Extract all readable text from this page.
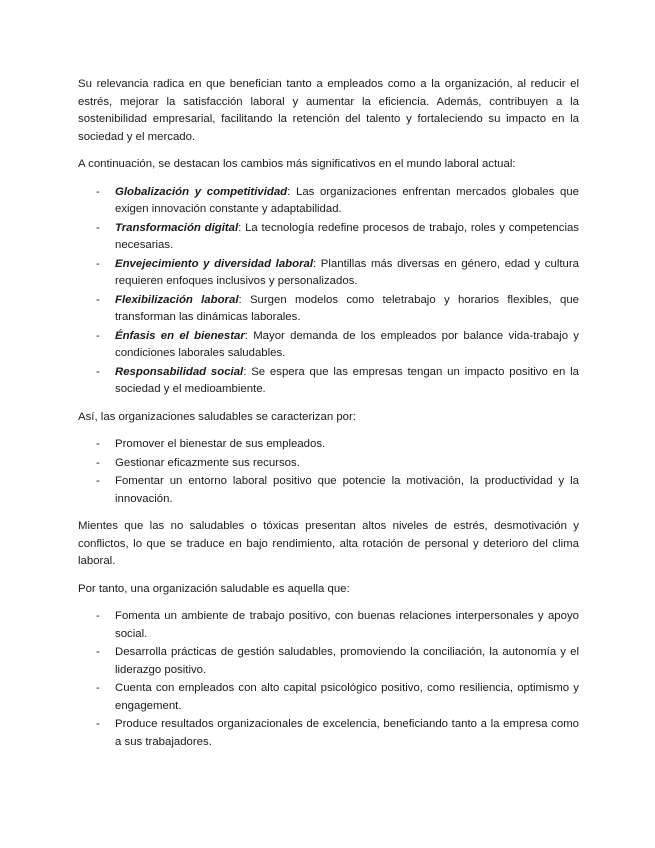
Su relevancia radica en que benefician tanto a empleados como a la organización, al reducir el estrés, mejorar la satisfacción laboral y aumentar la eficiencia. Además, contribuyen a la sostenibilidad empresarial, facilitando la retención del talento y fortaleciendo su impacto en la sociedad y el mercado.

A continuación, se destacan los cambios más significativos en el mundo laboral actual:

- Globalización y competitividad: Las organizaciones enfrentan mercados globales que exigen innovación constante y adaptabilidad.
- Transformación digital: La tecnología redefine procesos de trabajo, roles y competencias necesarias.
- Envejecimiento y diversidad laboral: Plantillas más diversas en género, edad y cultura requieren enfoques inclusivos y personalizados.
- Flexibilización laboral: Surgen modelos como teletrabajo y horarios flexibles, que transforman las dinámicas laborales.
- Énfasis en el bienestar: Mayor demanda de los empleados por balance vida-trabajo y condiciones laborales saludables.
- Responsabilidad social: Se espera que las empresas tengan un impacto positivo en la sociedad y el medioambiente.

Así, las organizaciones saludables se caracterizan por:

- Promover el bienestar de sus empleados.
- Gestionar eficazmente sus recursos.
- Fomentar un entorno laboral positivo que potencie la motivación, la productividad y la innovación.

Mientes que las no saludables o tóxicas presentan altos niveles de estrés, desmotivación y conflictos, lo que se traduce en bajo rendimiento, alta rotación de personal y deterioro del clima laboral.

Por tanto, una organización saludable es aquella que:

- Fomenta un ambiente de trabajo positivo, con buenas relaciones interpersonales y apoyo social.
- Desarrolla prácticas de gestión saludables, promoviendo la conciliación, la autonomía y el liderazgo positivo.
- Cuenta con empleados con alto capital psicológico positivo, como resiliencia, optimismo y engagement.
- Produce resultados organizacionales de excelencia, beneficiando tanto a la empresa como a sus trabajadores.
